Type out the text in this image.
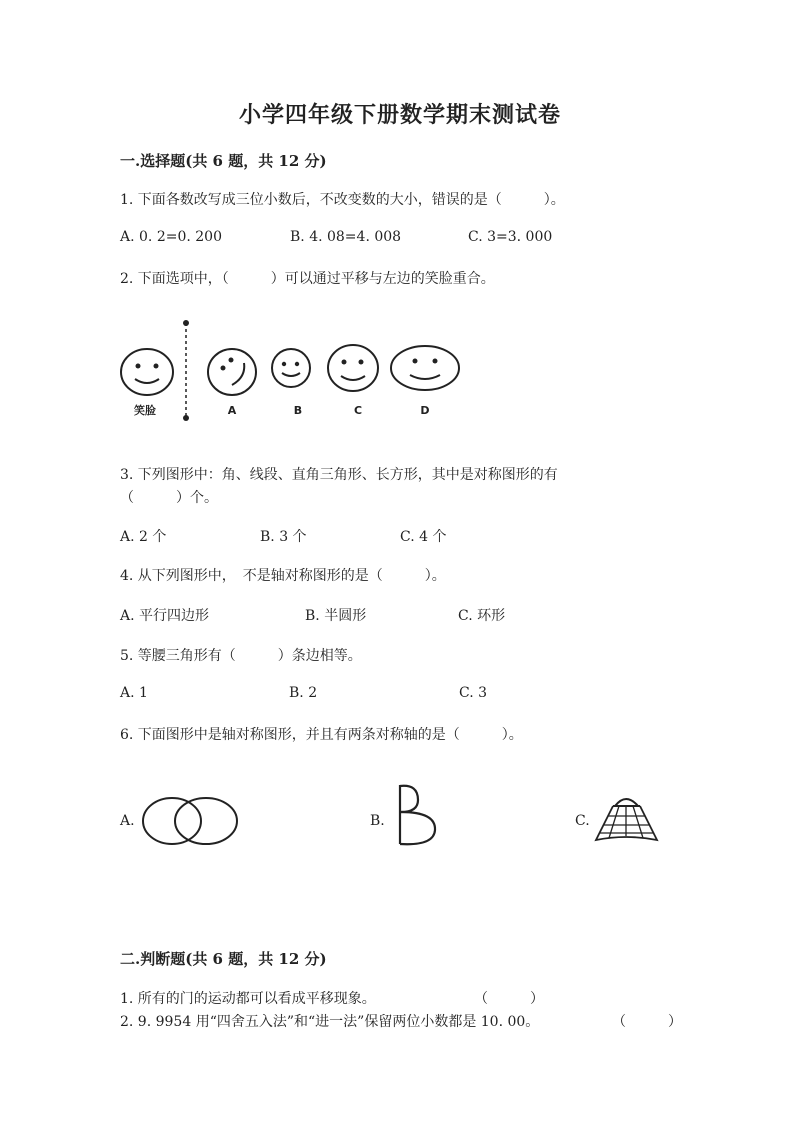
小学四年级下册数学期末测试卷
一.选择题(共 6 题，共 12 分)
1. 下面各数改写成三位小数后，不改变数的大小，错误的是（　　　）。
A. 0. 2=0. 200	B. 4. 08=4. 008	C. 3=3. 000
2. 下面选项中，（　　　）可以通过平移与左边的笑脸重合。
笑脸	A	B	C	D
3. 下列图形中：角、线段、直角三角形、长方形，其中是对称图形的有
（　　　）个。
A. 2 个	B. 3 个	C. 4 个
4. 从下列图形中，　不是轴对称图形的是（　　　）。
A. 平行四边形	B. 半圆形	C. 环形
5. 等腰三角形有（　　　）条边相等。
A. 1	B. 2	C. 3
6. 下面图形中是轴对称图形，并且有两条对称轴的是（　　　）。
A.	B.	C.
二.判断题(共 6 题，共 12 分)
1. 所有的门的运动都可以看成平移现象。	（　　　）
2. 9. 9954 用“四舍五入法”和“进一法”保留两位小数都是 10. 00。	（　　　）
